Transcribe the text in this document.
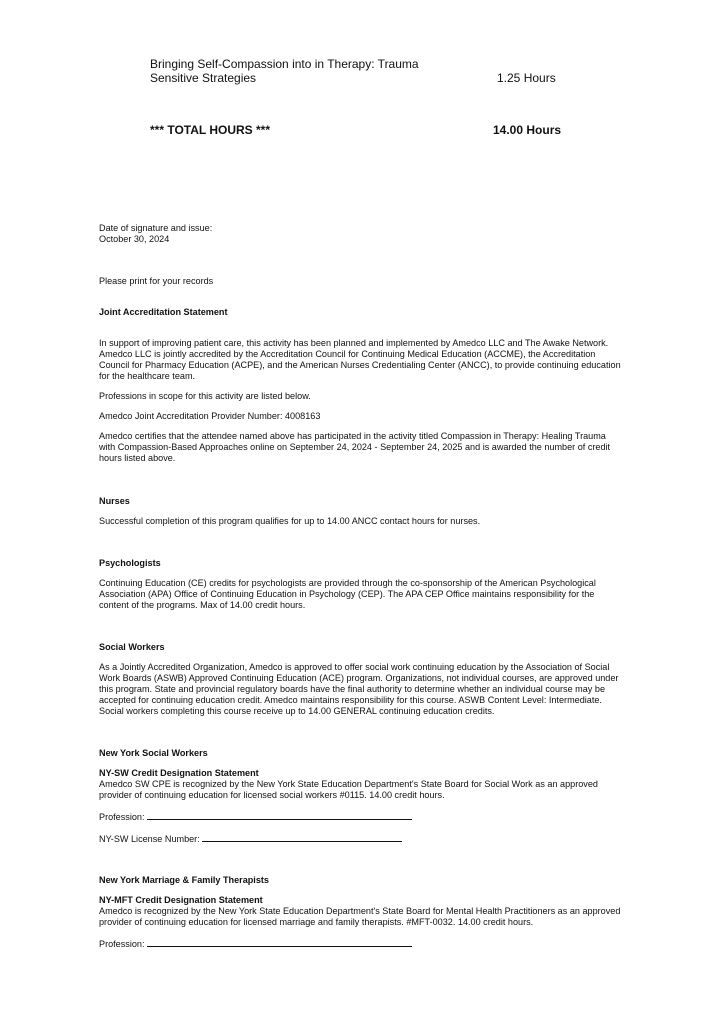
Bringing Self-Compassion into in Therapy: Trauma Sensitive Strategies	1.25 Hours
*** TOTAL HOURS ***	14.00 Hours

Date of signature and issue:

October 30, 2024

Please print for your records

Joint Accreditation Statement

In support of improving patient care, this activity has been planned and implemented by Amedco LLC and The Awake Network. Amedco LLC is jointly accredited by the Accreditation Council for Continuing Medical Education (ACCME), the Accreditation Council for Pharmacy Education (ACPE), and the American Nurses Credentialing Center (ANCC), to provide continuing education for the healthcare team.

Professions in scope for this activity are listed below.

Amedco Joint Accreditation Provider Number: 4008163

Amedco certifies that the attendee named above has participated in the activity titled Compassion in Therapy: Healing Trauma with Compassion-Based Approaches online on September 24, 2024 - September 24, 2025 and is awarded the number of credit hours listed above.

Nurses

Successful completion of this program qualifies for up to 14.00 ANCC contact hours for nurses.

Psychologists

Continuing Education (CE) credits for psychologists are provided through the co-sponsorship of the American Psychological Association (APA) Office of Continuing Education in Psychology (CEP). The APA CEP Office maintains responsibility for the content of the programs. Max of 14.00 credit hours.

Social Workers

As a Jointly Accredited Organization, Amedco is approved to offer social work continuing education by the Association of Social Work Boards (ASWB) Approved Continuing Education (ACE) program. Organizations, not individual courses, are approved under this program. State and provincial regulatory boards have the final authority to determine whether an individual course may be accepted for continuing education credit. Amedco maintains responsibility for this course. ASWB Content Level: Intermediate. Social workers completing this course receive up to 14.00 GENERAL continuing education credits.

New York Social Workers

NY-SW Credit Designation Statement

Amedco SW CPE is recognized by the New York State Education Department's State Board for Social Work as an approved provider of continuing education for licensed social workers #0115. 14.00 credit hours.

Profession:

NY-SW License Number:

New York Marriage & Family Therapists

NY-MFT Credit Designation Statement

Amedco is recognized by the New York State Education Department's State Board for Mental Health Practitioners as an approved provider of continuing education for licensed marriage and family therapists. #MFT-0032. 14.00 credit hours.

Profession:
